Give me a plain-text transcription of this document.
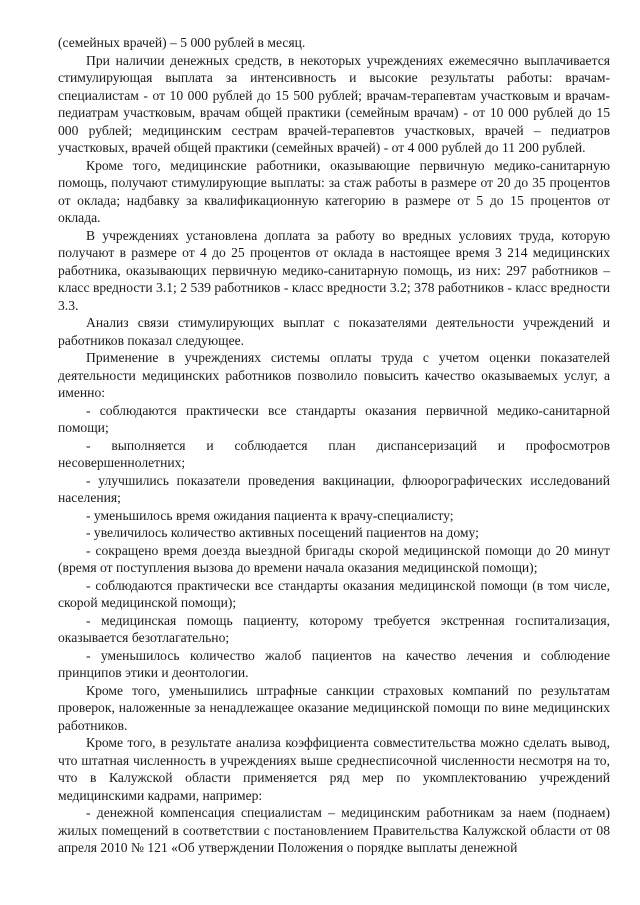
(семейных врачей) – 5 000 рублей в месяц.

При наличии денежных средств, в некоторых учреждениях ежемесячно выплачивается стимулирующая выплата за интенсивность и высокие результаты работы: врачам-специалистам - от 10 000 рублей до 15 500 рублей; врачам-терапевтам участковым и врачам-педиатрам участковым, врачам общей практики (семейным врачам) - от 10 000 рублей до 15 000 рублей; медицинским сестрам врачей-терапевтов участковых, врачей – педиатров участковых, врачей общей практики (семейных врачей) - от 4 000 рублей до 11 200 рублей.

Кроме того, медицинские работники, оказывающие первичную медико-санитарную помощь, получают стимулирующие выплаты: за стаж работы в размере от 20 до 35 процентов от оклада; надбавку за квалификационную категорию в размере от 5 до 15 процентов от оклада.

В учреждениях установлена доплата за работу во вредных условиях труда, которую получают в размере от 4 до 25 процентов от оклада в настоящее время 3 214 медицинских работника, оказывающих первичную медико-санитарную помощь, из них: 297 работников – класс вредности 3.1; 2 539 работников - класс вредности 3.2; 378 работников - класс вредности 3.3.

Анализ связи стимулирующих выплат с показателями деятельности учреждений и работников показал следующее.

Применение в учреждениях системы оплаты труда с учетом оценки показателей деятельности медицинских работников позволило повысить качество оказываемых услуг, а именно:

- соблюдаются практически все стандарты оказания первичной медико-санитарной помощи;

- выполняется и соблюдается план диспансеризаций и профосмотров несовершеннолетних;

- улучшились показатели проведения вакцинации, флюорографических исследований населения;

- уменьшилось время ожидания пациента к врачу-специалисту;

- увеличилось количество активных посещений пациентов на дому;

- сокращено время доезда выездной бригады скорой медицинской помощи до 20 минут (время от поступления вызова до времени начала оказания медицинской помощи);

- соблюдаются практически все стандарты оказания медицинской помощи (в том числе, скорой медицинской помощи);

- медицинская помощь пациенту, которому требуется экстренная госпитализация, оказывается безотлагательно;

- уменьшилось количество жалоб пациентов на качество лечения и соблюдение принципов этики и деонтологии.

Кроме того, уменьшились штрафные санкции страховых компаний по результатам проверок, наложенные за ненадлежащее оказание медицинской помощи по вине медицинских работников.

Кроме того, в результате анализа коэффициента совместительства можно сделать вывод, что штатная численность в учреждениях выше среднесписочной численности несмотря на то, что в Калужской области применяется ряд мер по укомплектованию учреждений медицинскими кадрами, например:

- денежной компенсация специалистам – медицинским работникам за наем (поднаем) жилых помещений в соответствии с постановлением Правительства Калужской области от 08 апреля 2010 № 121 «Об утверждении Положения о порядке выплаты денежной
